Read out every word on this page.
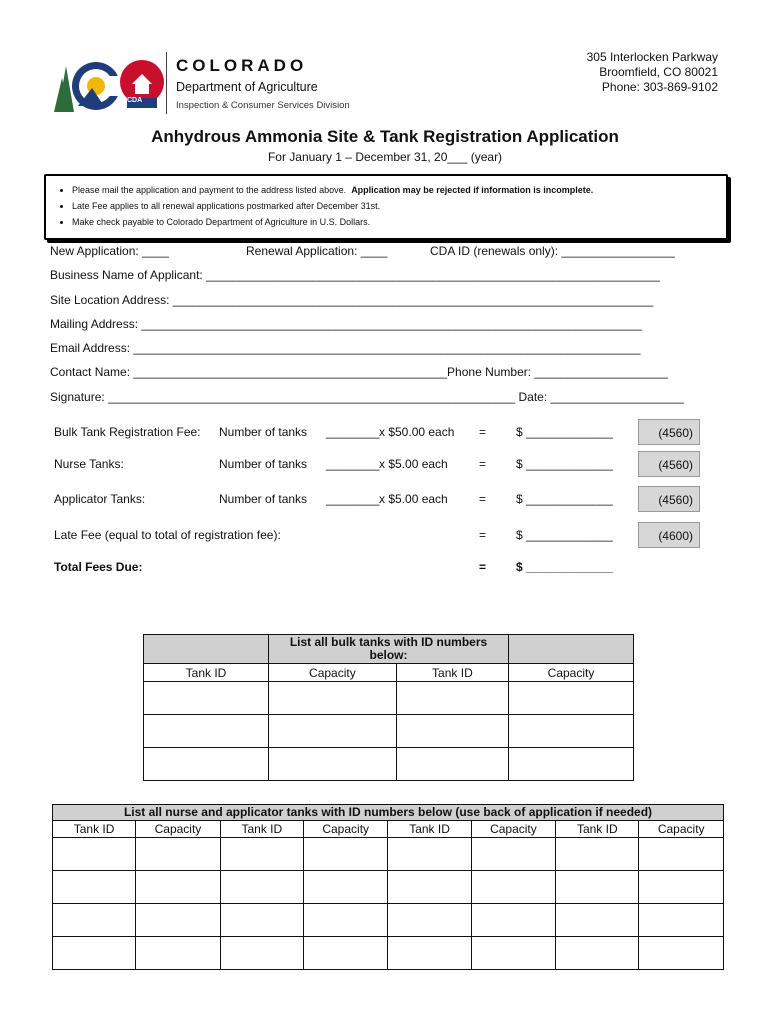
CDA
COLORADO
Department of Agriculture
Inspection & Consumer Services Division
305 Interlocken Parkway
Broomfield, CO 80021
Phone: 303-869-9102
Anhydrous Ammonia Site & Tank Registration Application
For January 1 – December 31, 20___ (year)
• Please mail the application and payment to the address listed above. Application may be rejected if information is incomplete.
• Late Fee applies to all renewal applications postmarked after December 31st.
• Make check payable to Colorado Department of Agriculture in U.S. Dollars.
New Application: ____	Renewal Application: ____	CDA ID (renewals only): _________________
Business Name of Applicant: ____________________________________________________________________
Site Location Address: ________________________________________________________________________
Mailing Address: ___________________________________________________________________________
Email Address: ____________________________________________________________________________
Contact Name: _______________________________________________Phone Number: ____________________
Signature: _____________________________________________________________ Date: ____________________
Bulk Tank Registration Fee: Number of tanks ________ x $50.00 each = $ _____________	(4560)
Nurse Tanks:	Number of tanks ________ x $5.00 each	= $ _____________	(4560)
Applicator Tanks:	Number of tanks ________ x $5.00 each	= $ _____________	(4560)
Late Fee (equal to total of registration fee):	= $ _____________	(4600)
Total Fees Due:	= $ _____________
	List all bulk tanks with ID numbers below:		
Tank ID	Capacity	Tank ID	Capacity

List all nurse and applicator tanks with ID numbers below (use back of application if needed)							
Tank ID	Capacity	Tank ID	Capacity	Tank ID	Capacity	Tank ID	Capacity
